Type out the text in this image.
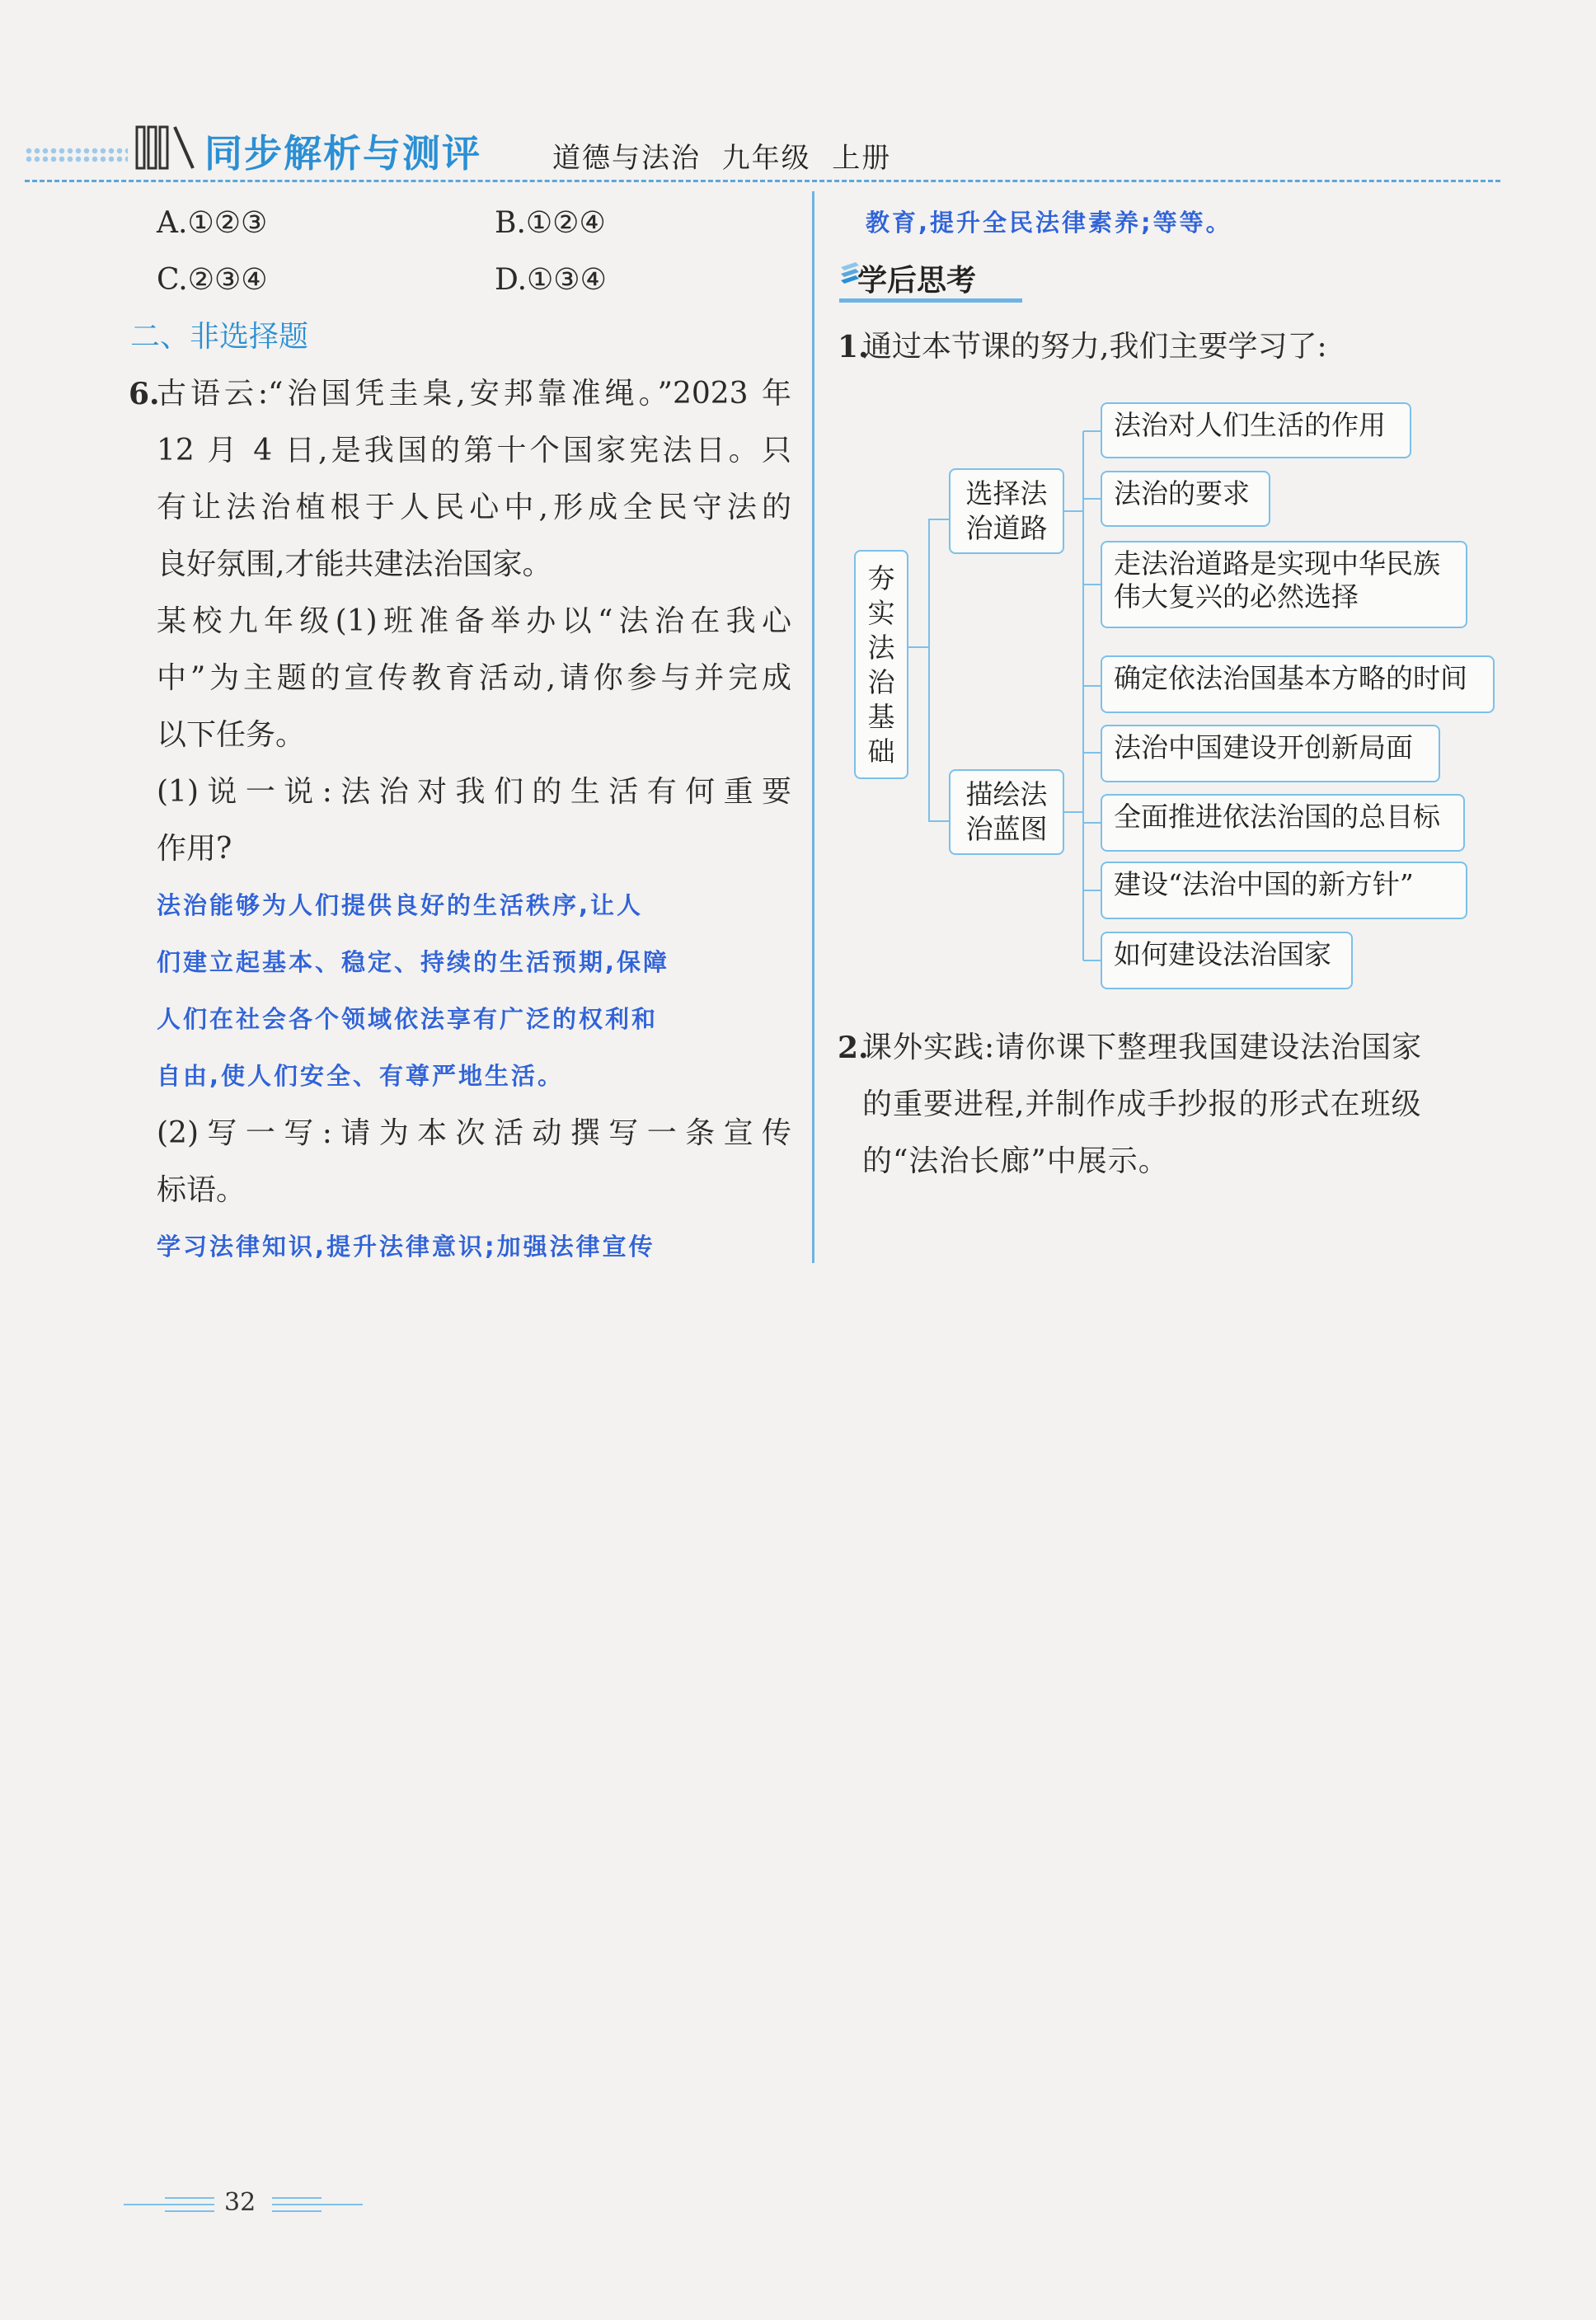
同步解析与测评	道德与法治 九年级 上册
A.①②③	B.①②④
C.②③④	D.①③④
二、非选择题
6.
古语云:“治国凭圭臬,安邦靠准绳。”2023 年
12 月 4 日,是我国的第十个国家宪法日。只
有让法治植根于人民心中,形成全民守法的
良好氛围,才能共建法治国家。
某校九年级(1)班准备举办以“法治在我心
中”为主题的宣传教育活动,请你参与并完成
以下任务。
(1)说一说:法治对我们的生活有何重要
作用?
法治能够为人们提供良好的生活秩序,让人
们建立起基本、稳定、持续的生活预期,保障
人们在社会各个领域依法享有广泛的权利和
自由,使人们安全、有尊严地生活。
(2)写一写:请为本次活动撰写一条宣传
标语。
学习法律知识,提升法律意识;加强法律宣传
教育,提升全民法律素养;等等。
学后思考
1.
通过本节课的努力,我们主要学习了:
夯
实
法
治
基
础
选择法
治道路
法治对人们生活的作用
法治的要求
走法治道路是实现中华民族
伟大复兴的必然选择
描绘法
治蓝图
确定依法治国基本方略的时间
法治中国建设开创新局面
全面推进依法治国的总目标
建设“法治中国的新方针”
如何建设法治国家
2.
课外实践:请你课下整理我国建设法治国家
的重要进程,并制作成手抄报的形式在班级
的“法治长廊”中展示。
32
